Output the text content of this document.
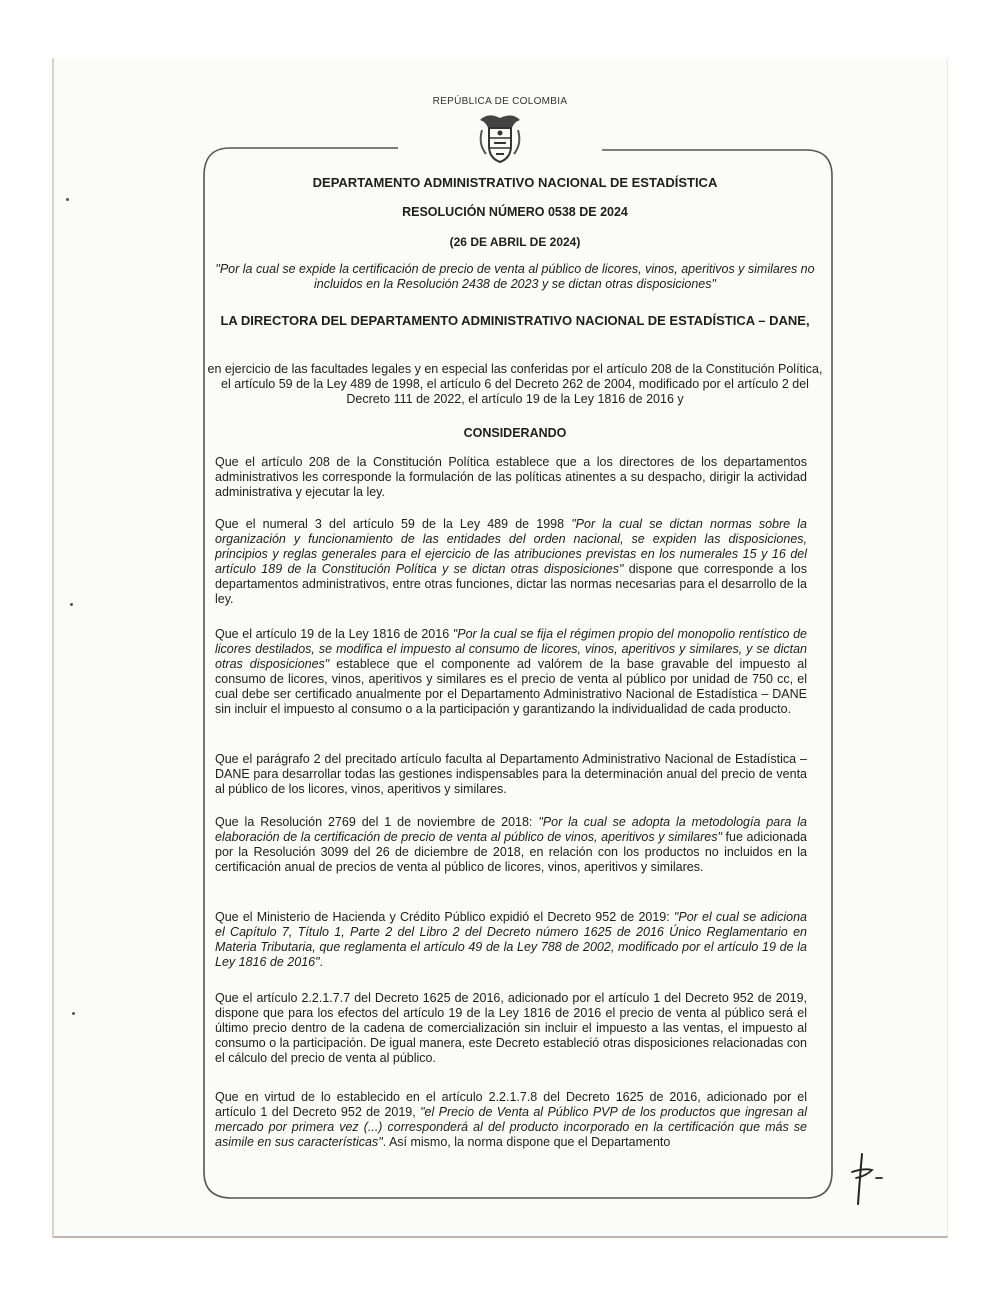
REPÚBLICA DE COLOMBIA
DEPARTAMENTO ADMINISTRATIVO NACIONAL DE ESTADÍSTICA
RESOLUCIÓN NÚMERO 0538 DE 2024
(26 DE ABRIL DE 2024)
"Por la cual se expide la certificación de precio de venta al público de licores, vinos, aperitivos y similares no incluidos en la Resolución 2438 de 2023 y se dictan otras disposiciones"
LA DIRECTORA DEL DEPARTAMENTO ADMINISTRATIVO NACIONAL DE ESTADÍSTICA – DANE,
en ejercicio de las facultades legales y en especial las conferidas por el artículo 208 de la Constitución Política, el artículo 59 de la Ley 489 de 1998, el artículo 6 del Decreto 262 de 2004, modificado por el artículo 2 del Decreto 111 de 2022, el artículo 19 de la Ley 1816 de 2016 y
CONSIDERANDO
Que el artículo 208 de la Constitución Política establece que a los directores de los departamentos administrativos les corresponde la formulación de las políticas atinentes a su despacho, dirigir la actividad administrativa y ejecutar la ley.
Que el numeral 3 del artículo 59 de la Ley 489 de 1998 "Por la cual se dictan normas sobre la organización y funcionamiento de las entidades del orden nacional, se expiden las disposiciones, principios y reglas generales para el ejercicio de las atribuciones previstas en los numerales 15 y 16 del artículo 189 de la Constitución Política y se dictan otras disposiciones" dispone que corresponde a los departamentos administrativos, entre otras funciones, dictar las normas necesarias para el desarrollo de la ley.
Que el artículo 19 de la Ley 1816 de 2016 "Por la cual se fija el régimen propio del monopolio rentístico de licores destilados, se modifica el impuesto al consumo de licores, vinos, aperitivos y similares, y se dictan otras disposiciones" establece que el componente ad valórem de la base gravable del impuesto al consumo de licores, vinos, aperitivos y similares es el precio de venta al público por unidad de 750 cc, el cual debe ser certificado anualmente por el Departamento Administrativo Nacional de Estadística – DANE sin incluir el impuesto al consumo o a la participación y garantizando la individualidad de cada producto.
Que el parágrafo 2 del precitado artículo faculta al Departamento Administrativo Nacional de Estadística – DANE para desarrollar todas las gestiones indispensables para la determinación anual del precio de venta al público de los licores, vinos, aperitivos y similares.
Que la Resolución 2769 del 1 de noviembre de 2018: "Por la cual se adopta la metodología para la elaboración de la certificación de precio de venta al público de vinos, aperitivos y similares" fue adicionada por la Resolución 3099 del 26 de diciembre de 2018, en relación con los productos no incluidos en la certificación anual de precios de venta al público de licores, vinos, aperitivos y similares.
Que el Ministerio de Hacienda y Crédito Público expidió el Decreto 952 de 2019: "Por el cual se adiciona el Capítulo 7, Título 1, Parte 2 del Libro 2 del Decreto número 1625 de 2016 Único Reglamentario en Materia Tributaria, que reglamenta el artículo 49 de la Ley 788 de 2002, modificado por el artículo 19 de la Ley 1816 de 2016".
Que el artículo 2.2.1.7.7 del Decreto 1625 de 2016, adicionado por el artículo 1 del Decreto 952 de 2019, dispone que para los efectos del artículo 19 de la Ley 1816 de 2016 el precio de venta al público será el último precio dentro de la cadena de comercialización sin incluir el impuesto a las ventas, el impuesto al consumo o la participación. De igual manera, este Decreto estableció otras disposiciones relacionadas con el cálculo del precio de venta al público.
Que en virtud de lo establecido en el artículo 2.2.1.7.8 del Decreto 1625 de 2016, adicionado por el artículo 1 del Decreto 952 de 2019, "el Precio de Venta al Público PVP de los productos que ingresan al mercado por primera vez (...) corresponderá al del producto incorporado en la certificación que más se asimile en sus características". Así mismo, la norma dispone que el Departamento
